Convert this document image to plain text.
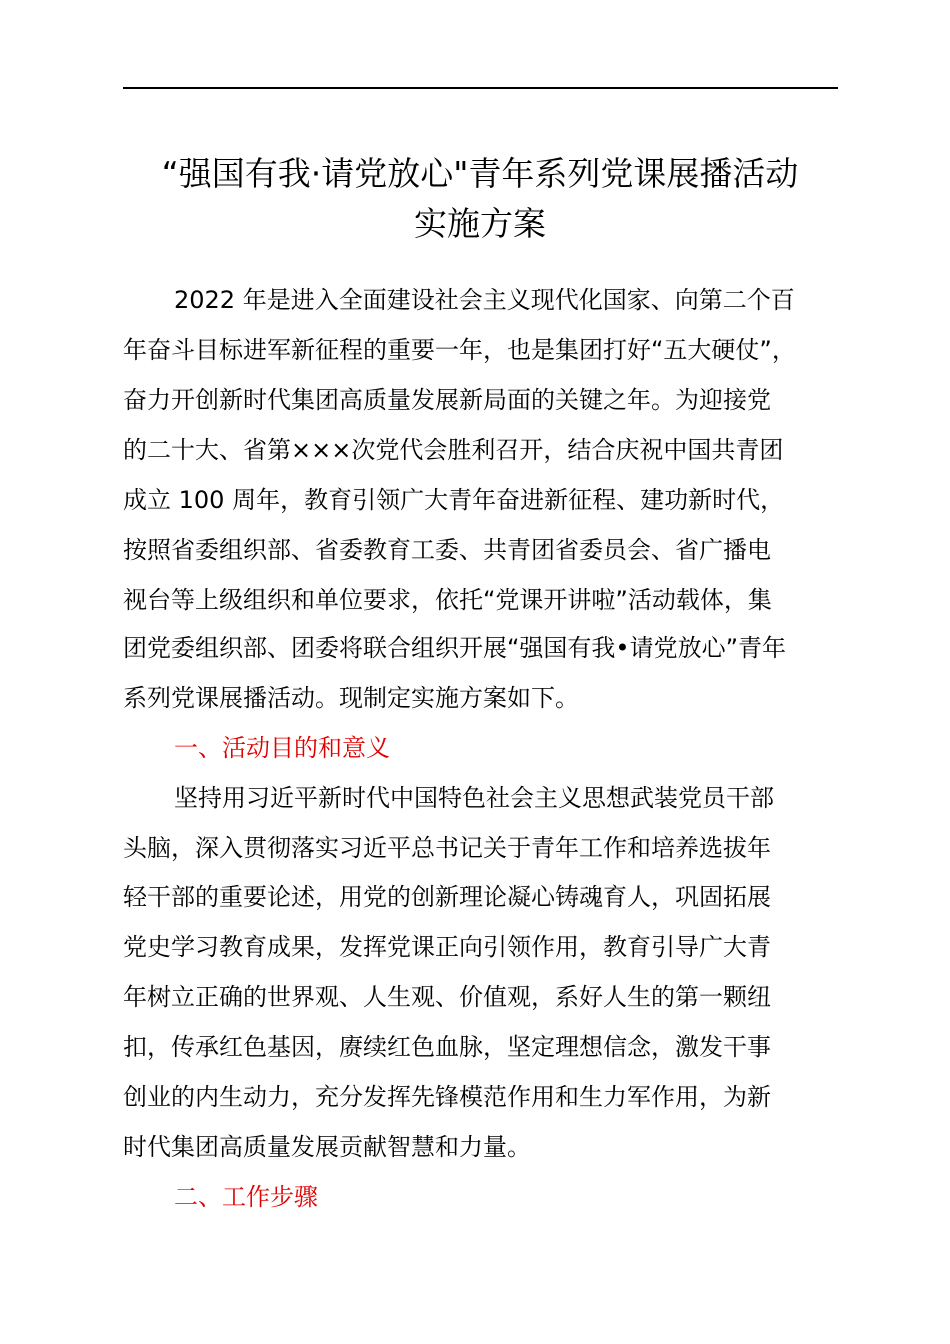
“强国有我·请党放心"青年系列党课展播活动
实施方案
2022 年是进入全面建设社会主义现代化国家、向第二个百
年奋斗目标进军新征程的重要一年，也是集团打好“五大硬仗”，
奋力开创新时代集团高质量发展新局面的关键之年。为迎接党
的二十大、省第×××次党代会胜利召开，结合庆祝中国共青团
成立 100 周年，教育引领广大青年奋进新征程、建功新时代，
按照省委组织部、省委教育工委、共青团省委员会、省广播电
视台等上级组织和单位要求，依托“党课开讲啦”活动载体，集
团党委组织部、团委将联合组织开展“强国有我•请党放心”青年
系列党课展播活动。现制定实施方案如下。
一、活动目的和意义
坚持用习近平新时代中国特色社会主义思想武装党员干部
头脑，深入贯彻落实习近平总书记关于青年工作和培养选拔年
轻干部的重要论述，用党的创新理论凝心铸魂育人，巩固拓展
党史学习教育成果，发挥党课正向引领作用，教育引导广大青
年树立正确的世界观、人生观、价值观，系好人生的第一颗纽
扣，传承红色基因，赓续红色血脉，坚定理想信念，激发干事
创业的内生动力，充分发挥先锋模范作用和生力军作用，为新
时代集团高质量发展贡献智慧和力量。
二、工作步骤
